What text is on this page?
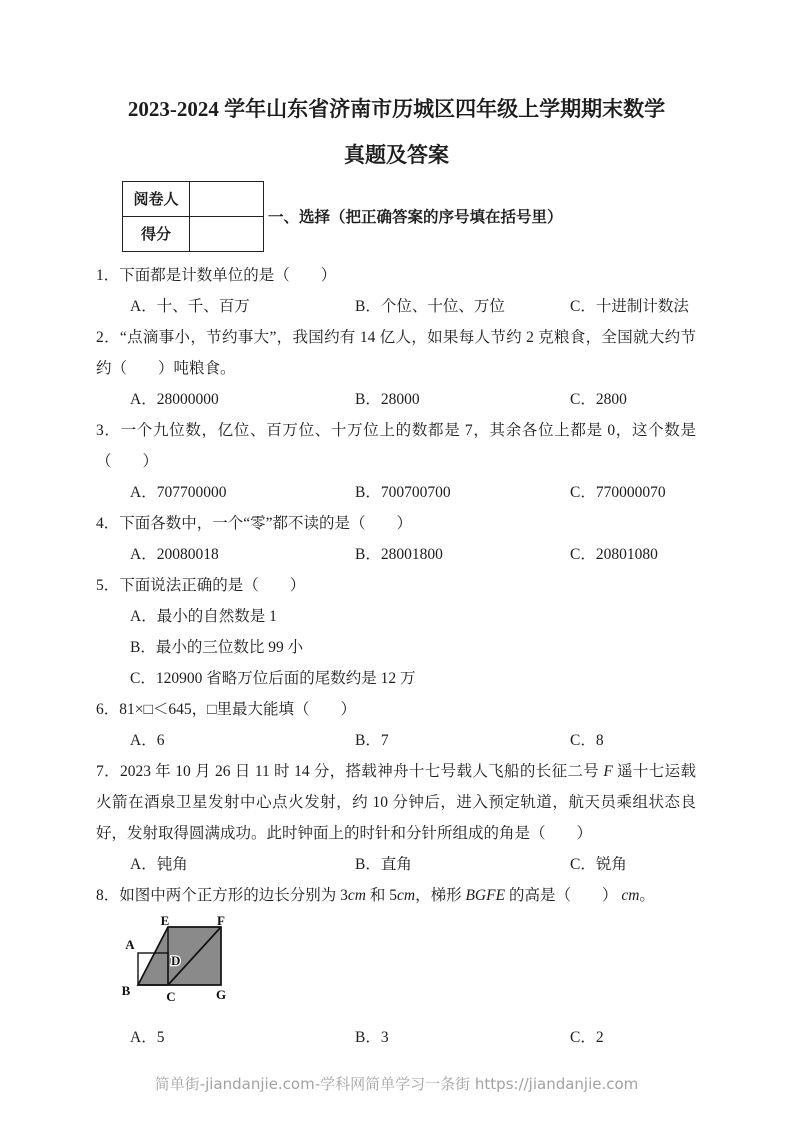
2023-2024 学年山东省济南市历城区四年级上学期期末数学
真题及答案
阅卷人	
得分	
一、选择（把正确答案的序号填在括号里）

1．下面都是计数单位的是（　　）

A．十、千、百万	B．个位、十位、万位	C．十进制计数法

2．“点滴事小，节约事大”，我国约有 14 亿人，如果每人节约 2 克粮食，全国就大约节约（　　）吨粮食。

A．28000000	B．28000	C．2800

3．一个九位数，亿位、百万位、十万位上的数都是 7，其余各位上都是 0，这个数是（　　）

A．707700000	B．700700700	C．770000070

4．下面各数中，一个“零”都不读的是（　　）

A．20080018	B．28001800	C．20801080

5．下面说法正确的是（　　）

A．最小的自然数是 1
B．最小的三位数比 99 小
C．120900 省略万位后面的尾数约是 12 万

6．81×□＜645，□里最大能填（　　）

A．6	B．7	C．8

7．2023 年 10 月 26 日 11 时 14 分，搭载神舟十七号载人飞船的长征二号 F 遥十七运载火箭在酒泉卫星发射中心点火发射，约 10 分钟后，进入预定轨道，航天员乘组状态良好，发射取得圆满成功。此时钟面上的时针和分针所组成的角是（　　）

A．钝角	B．直角	C．锐角

8．如图中两个正方形的边长分别为 3cm 和 5cm，梯形 BGFE 的高是（　　） cm。

A
B	C
D
E	F
G
A．5	B．3	C．2
简单街-jiandanjie.com-学科网简单学习一条街 https://jiandanjie.com
